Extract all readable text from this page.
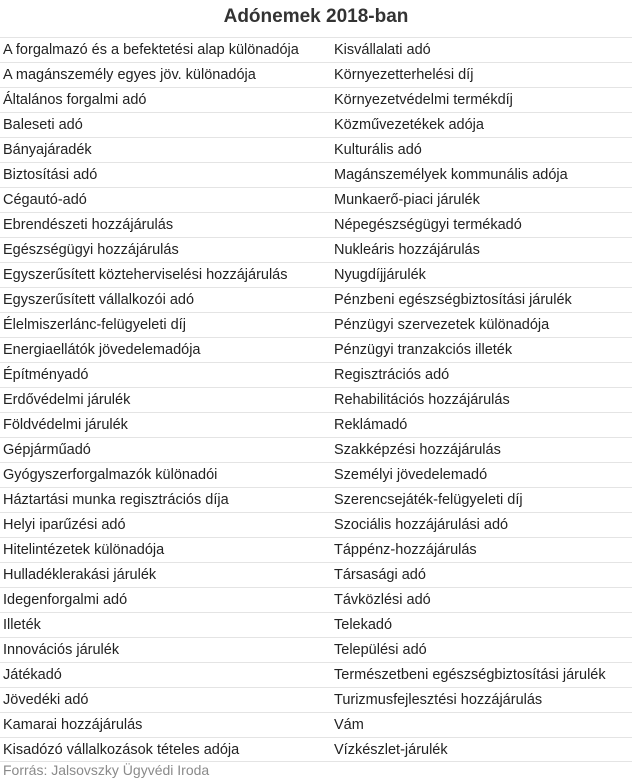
Adónemek 2018-ban
A forgalmazó és a befektetési alap különadója	Kisvállalati adó
A magánszemély egyes jöv. különadója	Környezetterhelési díj
Általános forgalmi adó	Környezetvédelmi termékdíj
Baleseti adó	Közművezetékek adója
Bányajáradék	Kulturális adó
Biztosítási adó	Magánszemélyek kommunális adója
Cégautó-adó	Munkaerő-piaci járulék
Ebrendészeti hozzájárulás	Népegészségügyi termékadó
Egészségügyi hozzájárulás	Nukleáris hozzájárulás
Egyszerűsített közteherviselési hozzájárulás	Nyugdíjjárulék
Egyszerűsített vállalkozói adó	Pénzbeni egészségbiztosítási járulék
Élelmiszerlánc-felügyeleti díj	Pénzügyi szervezetek különadója
Energiaellátók jövedelemadója	Pénzügyi tranzakciós illeték
Építményadó	Regisztrációs adó
Erdővédelmi járulék	Rehabilitációs hozzájárulás
Földvédelmi járulék	Reklámadó
Gépjárműadó	Szakképzési hozzájárulás
Gyógyszerforgalmazók különadói	Személyi jövedelemadó
Háztartási munka regisztrációs díja	Szerencsejáték-felügyeleti díj
Helyi iparűzési adó	Szociális hozzájárulási adó
Hitelintézetek különadója	Táppénz-hozzájárulás
Hulladéklerakási járulék	Társasági adó
Idegenforgalmi adó	Távközlési adó
Illeték	Telekadó
Innovációs járulék	Települési adó
Játékadó	Természetbeni egészségbiztosítási járulék
Jövedéki adó	Turizmusfejlesztési hozzájárulás
Kamarai hozzájárulás	Vám
Kisadózó vállalkozások tételes adója	Vízkészlet-járulék
Forrás: Jalsovszky Ügyvédi Iroda
